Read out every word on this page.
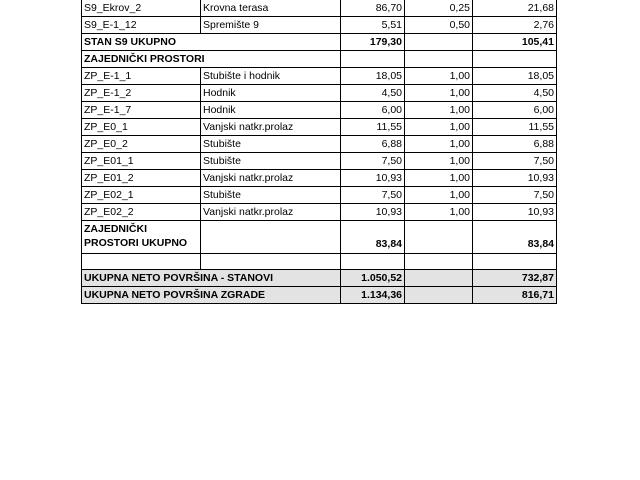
S9_Ekrov_2	Krovna terasa	86,70	0,25	21,68
S9_E-1_12	Spremište 9	5,51	0,50	2,76
STAN S9 UKUPNO		179,30		105,41
ZAJEDNIČKI PROSTORI				
ZP_E-1_1	Stubište i hodnik	18,05	1,00	18,05
ZP_E-1_2	Hodnik	4,50	1,00	4,50
ZP_E-1_7	Hodnik	6,00	1,00	6,00
ZP_E0_1	Vanjski natkr.prolaz	11,55	1,00	11,55
ZP_E0_2	Stubište	6,88	1,00	6,88
ZP_E01_1	Stubište	7,50	1,00	7,50
ZP_E01_2	Vanjski natkr.prolaz	10,93	1,00	10,93
ZP_E02_1	Stubište	7,50	1,00	7,50
ZP_E02_2	Vanjski natkr.prolaz	10,93	1,00	10,93
ZAJEDNIČKI
PROSTORI UKUPNO		83,84		83,84

UKUPNA NETO POVRŠINA - STANOVI		1.050,52		732,87
UKUPNA NETO POVRŠINA ZGRADE		1.134,36		816,71
